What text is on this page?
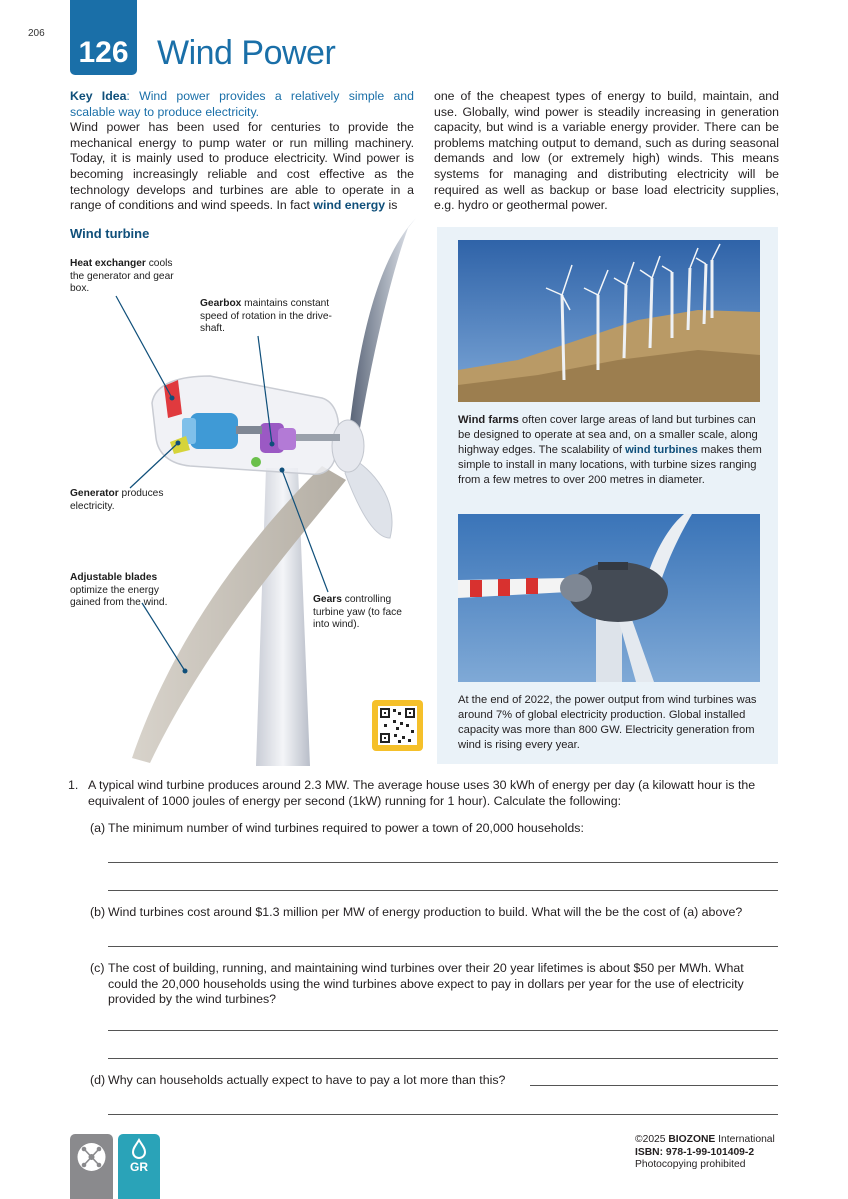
206
126 Wind Power
Key Idea: Wind power provides a relatively simple and scalable way to produce electricity.
Wind power has been used for centuries to provide the mechanical energy to pump water or run milling machinery. Today, it is mainly used to produce electricity. Wind power is becoming increasingly reliable and cost effective as the technology develops and turbines are able to operate in a range of conditions and wind speeds. In fact wind energy is
one of the cheapest types of energy to build, maintain, and use. Globally, wind power is steadily increasing in generation capacity, but wind is a variable energy provider. There can be problems matching output to demand, such as during seasonal demands and low (or extremely high) winds. This means systems for managing and distributing electricity will be required as well as backup or base load electricity supplies, e.g. hydro or geothermal power.
Wind turbine
Heat exchanger cools the generator and gear box.
Gearbox maintains constant speed of rotation in the drive-shaft.
Generator produces electricity.
Adjustable blades optimize the energy gained from the wind.	Gears controlling turbine yaw (to face into wind).
Wind farms often cover large areas of land but turbines can be designed to operate at sea and, on a smaller scale, along highway edges. The scalability of wind turbines makes them simple to install in many locations, with turbine sizes ranging from a few metres to over 200 metres in diameter.
At the end of 2022, the power output from wind turbines was around 7% of global electricity production. Global installed capacity was more than 800 GW. Electricity generation from wind is rising every year.
1. A typical wind turbine produces around 2.3 MW. The average house uses 30 kWh of energy per day (a kilowatt hour is the equivalent of 1000 joules of energy per second (1kW) running for 1 hour). Calculate the following:
(a) The minimum number of wind turbines required to power a town of 20,000 households:
(b) Wind turbines cost around $1.3 million per MW of energy production to build. What will the be the cost of (a) above?
(c) The cost of building, running, and maintaining wind turbines over their 20 year lifetimes is about $50 per MWh. What could the 20,000 households using the wind turbines above expect to pay in dollars per year for the use of electricity provided by the wind turbines?
(d) Why can households actually expect to have to pay a lot more than this?
GR
©2025 BIOZONE International
ISBN: 978-1-99-101409-2
Photocopying prohibited
